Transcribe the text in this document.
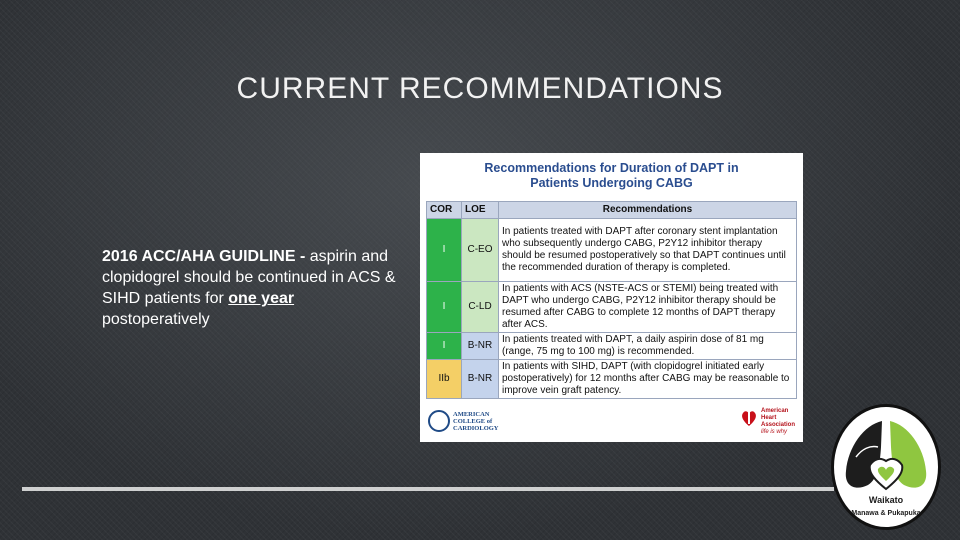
CURRENT RECOMMENDATIONS
2016 ACC/AHA GUIDLINE - aspirin and clopidogrel should be continued in ACS & SIHD patients for one year postoperatively
Recommendations for Duration of DAPT in
Patients Undergoing CABG
COR	LOE	Recommendations
I	C-EO	In patients treated with DAPT after coronary stent implantation who subsequently undergo CABG, P2Y12 inhibitor therapy should be resumed postoperatively so that DAPT continues until the recommended duration of therapy is completed.
I	C-LD	In patients with ACS (NSTE-ACS or STEMI) being treated with DAPT who undergo CABG, P2Y12 inhibitor therapy should be resumed after CABG to complete 12 months of DAPT therapy after ACS.
I	B-NR	In patients treated with DAPT, a daily aspirin dose of 81 mg (range, 75 mg to 100 mg) is recommended.
IIb	B-NR	In patients with SIHD, DAPT (with clopidogrel initiated early postoperatively) for 12 months after CABG may be reasonable to improve vein graft patency.
AMERICAN
COLLEGE of
CARDIOLOGY
American
Heart
Association
life is why
Waikato
Manawa & Pukapuka
